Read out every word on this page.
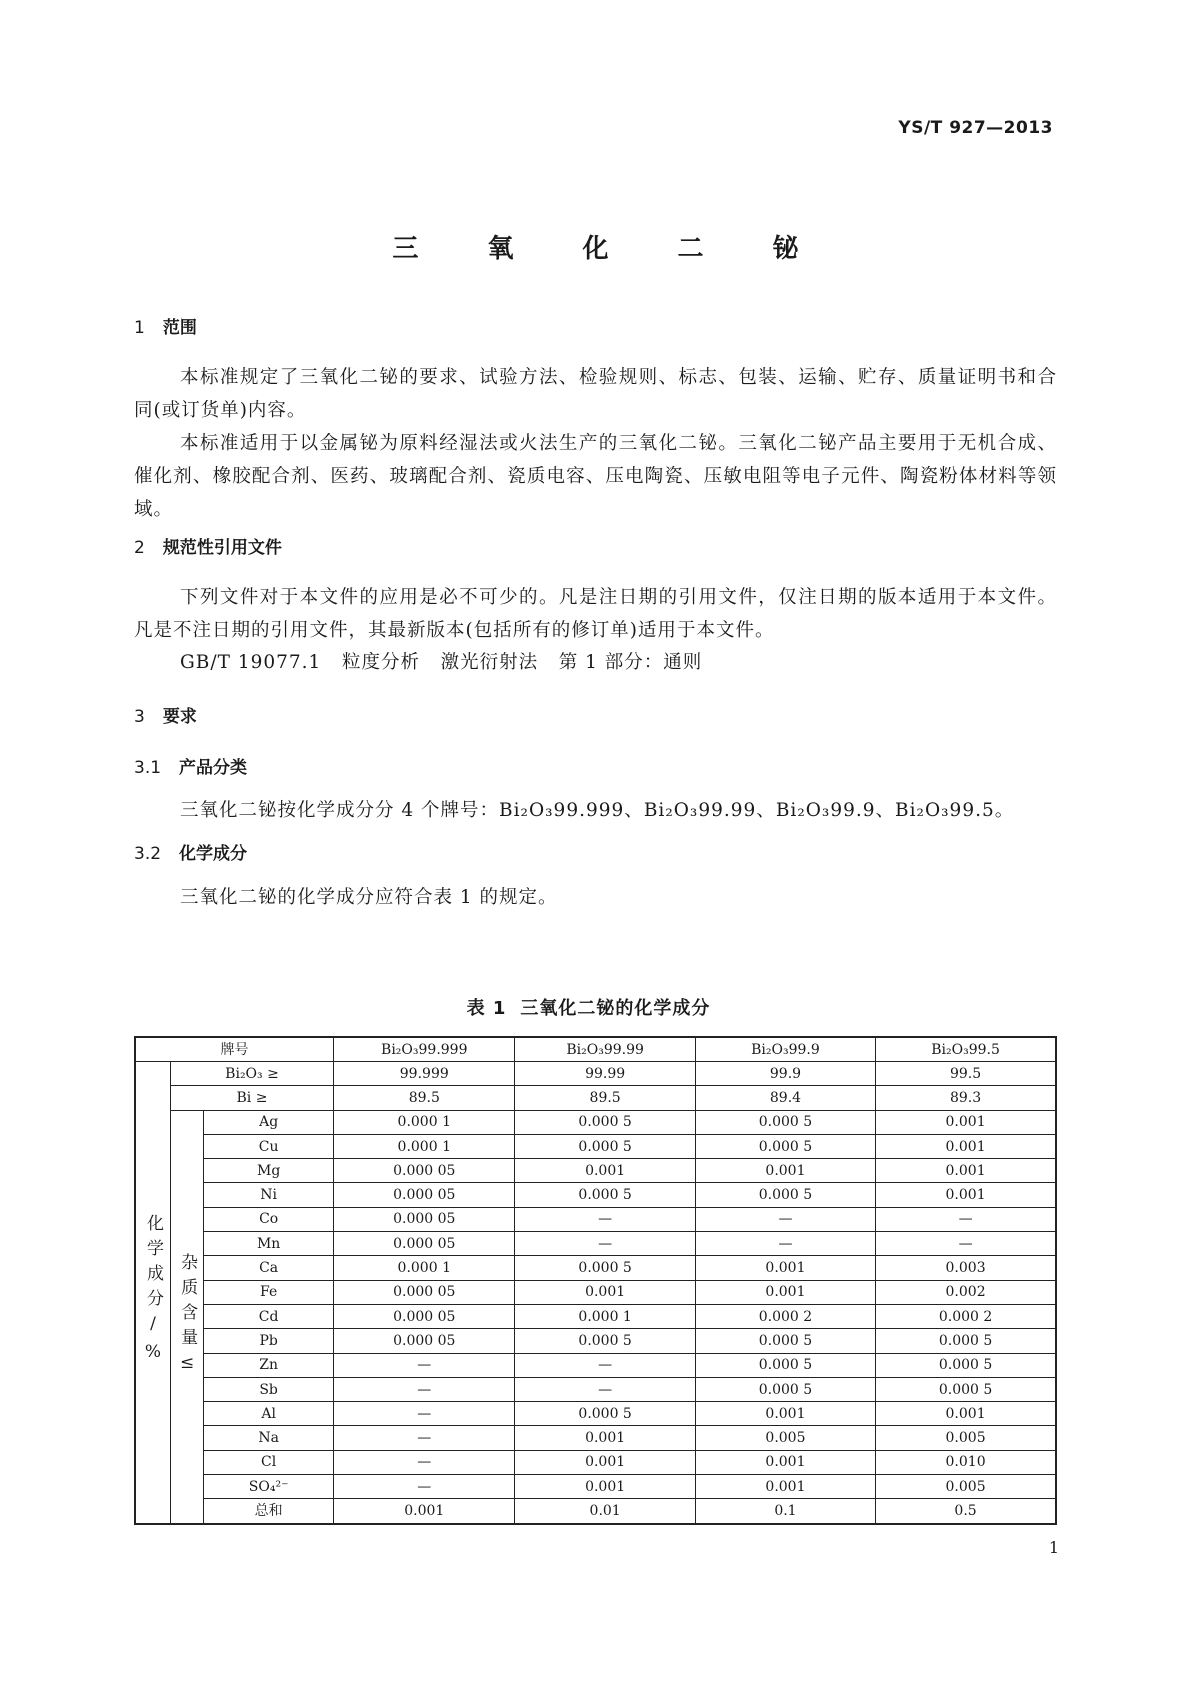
YS/T 927—2013
三 氧 化 二 铋
1 范围
本标准规定了三氧化二铋的要求、试验方法、检验规则、标志、包装、运输、贮存、质量证明书和合同(或订货单)内容。
本标准适用于以金属铋为原料经湿法或火法生产的三氧化二铋。三氧化二铋产品主要用于无机合成、催化剂、橡胶配合剂、医药、玻璃配合剂、瓷质电容、压电陶瓷、压敏电阻等电子元件、陶瓷粉体材料等领域。
2 规范性引用文件
下列文件对于本文件的应用是必不可少的。凡是注日期的引用文件，仅注日期的版本适用于本文件。凡是不注日期的引用文件，其最新版本(包括所有的修订单)适用于本文件。
GB/T 19077.1   粒度分析   激光衍射法   第 1 部分：通则
3 要求
3.1 产品分类
三氧化二铋按化学成分分 4 个牌号：Bi₂O₃99.999、Bi₂O₃99.99、Bi₂O₃99.9、Bi₂O₃99.5。
3.2 化学成分
三氧化二铋的化学成分应符合表 1 的规定。
表 1 三氧化二铋的化学成分
牌号			Bi₂O₃99.999	Bi₂O₃99.99	Bi₂O₃99.9	Bi₂O₃99.5
化学成分/%	Bi₂O₃ ≥		99.999	99.99	99.9	99.5
	Bi ≥		89.5	89.5	89.4	89.3
	杂质含量≤	Ag	0.000 1	0.000 5	0.000 5	0.001
		Cu	0.000 1	0.000 5	0.000 5	0.001
		Mg	0.000 05	0.001	0.001	0.001
		Ni	0.000 05	0.000 5	0.000 5	0.001
		Co	0.000 05	—	—	—
		Mn	0.000 05	—	—	—
		Ca	0.000 1	0.000 5	0.001	0.003
		Fe	0.000 05	0.001	0.001	0.002
		Cd	0.000 05	0.000 1	0.000 2	0.000 2
		Pb	0.000 05	0.000 5	0.000 5	0.000 5
		Zn	—	—	0.000 5	0.000 5
		Sb	—	—	0.000 5	0.000 5
		Al	—	0.000 5	0.001	0.001
		Na	—	0.001	0.005	0.005
		Cl	—	0.001	0.001	0.010
		SO₄²⁻	—	0.001	0.001	0.005
		总和	0.001	0.01	0.1	0.5
1
